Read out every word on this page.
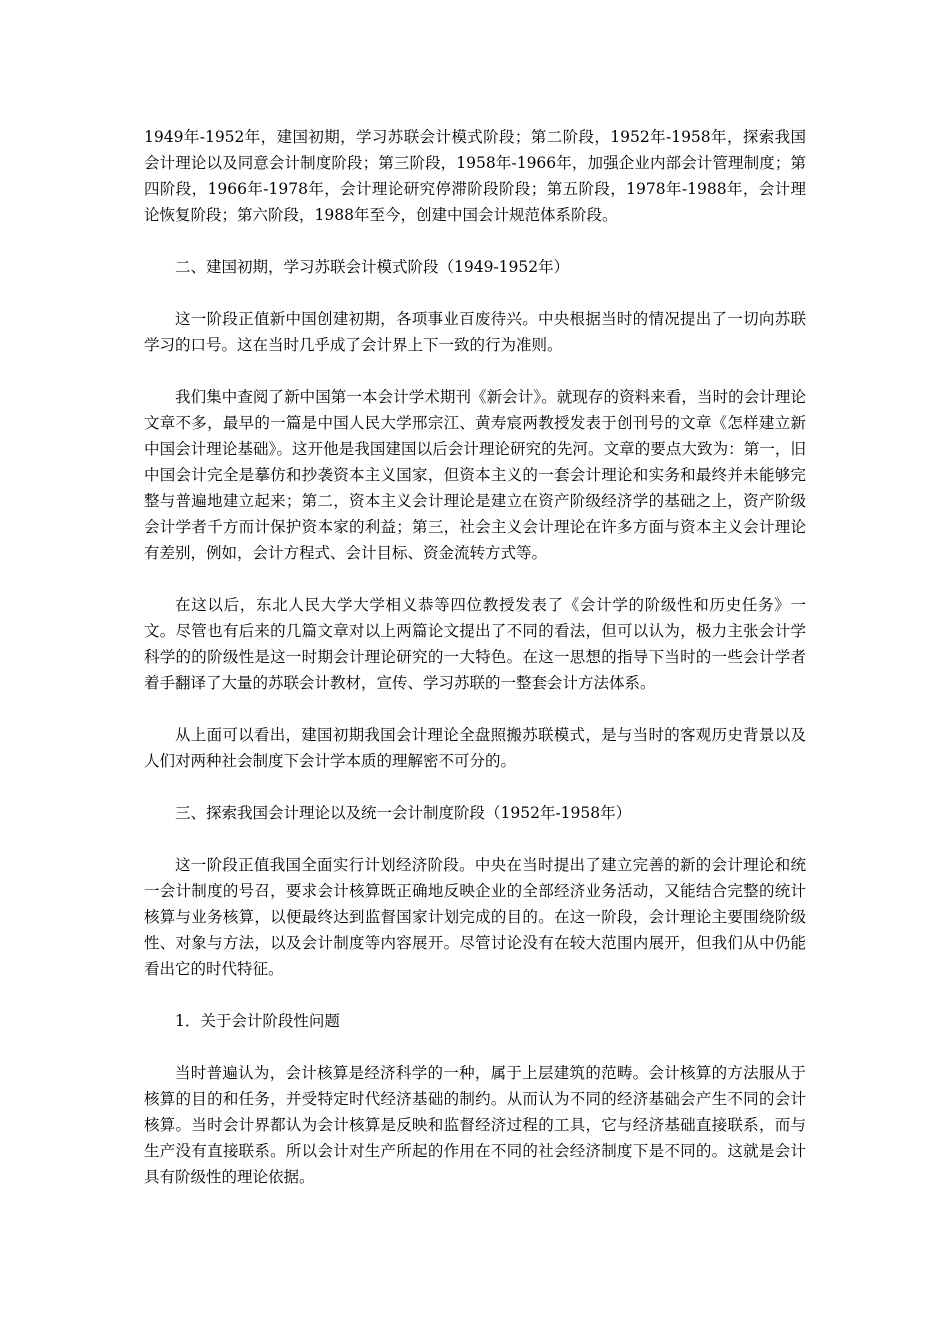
1949年-1952年，建国初期，学习苏联会计模式阶段；第二阶段，1952年-1958年，探索我国会计理论以及同意会计制度阶段；第三阶段，1958年-1966年，加强企业内部会计管理制度；第四阶段，1966年-1978年，会计理论研究停滞阶段阶段；第五阶段，1978年-1988年，会计理论恢复阶段；第六阶段，1988年至今，创建中国会计规范体系阶段。

二、建国初期，学习苏联会计模式阶段（1949-1952年）

这一阶段正值新中国创建初期，各项事业百废待兴。中央根据当时的情况提出了一切向苏联学习的口号。这在当时几乎成了会计界上下一致的行为准则。

我们集中查阅了新中国第一本会计学术期刊《新会计》。就现存的资料来看，当时的会计理论文章不多，最早的一篇是中国人民大学邢宗江、黄寿宸两教授发表于创刊号的文章《怎样建立新中国会计理论基础》。这开他是我国建国以后会计理论研究的先河。文章的要点大致为：第一，旧中国会计完全是摹仿和抄袭资本主义国家，但资本主义的一套会计理论和实务和最终并未能够完整与普遍地建立起来；第二，资本主义会计理论是建立在资产阶级经济学的基础之上，资产阶级会计学者千方而计保护资本家的利益；第三，社会主义会计理论在许多方面与资本主义会计理论有差别，例如，会计方程式、会计目标、资金流转方式等。

在这以后，东北人民大学大学相义恭等四位教授发表了《会计学的阶级性和历史任务》一文。尽管也有后来的几篇文章对以上两篇论文提出了不同的看法，但可以认为，极力主张会计学科学的的阶级性是这一时期会计理论研究的一大特色。在这一思想的指导下当时的一些会计学者着手翻译了大量的苏联会计教材，宣传、学习苏联的一整套会计方法体系。

从上面可以看出，建国初期我国会计理论全盘照搬苏联模式，是与当时的客观历史背景以及人们对两种社会制度下会计学本质的理解密不可分的。

三、探索我国会计理论以及统一会计制度阶段（1952年-1958年）

这一阶段正值我国全面实行计划经济阶段。中央在当时提出了建立完善的新的会计理论和统一会计制度的号召，要求会计核算既正确地反映企业的全部经济业务活动，又能结合完整的统计核算与业务核算，以便最终达到监督国家计划完成的目的。在这一阶段，会计理论主要围绕阶级性、对象与方法，以及会计制度等内容展开。尽管讨论没有在较大范围内展开，但我们从中仍能看出它的时代特征。

1．关于会计阶段性问题

当时普遍认为，会计核算是经济科学的一种，属于上层建筑的范畴。会计核算的方法服从于核算的目的和任务，并受特定时代经济基础的制约。从而认为不同的经济基础会产生不同的会计核算。当时会计界都认为会计核算是反映和监督经济过程的工具，它与经济基础直接联系，而与生产没有直接联系。所以会计对生产所起的作用在不同的社会经济制度下是不同的。这就是会计具有阶级性的理论依据。
